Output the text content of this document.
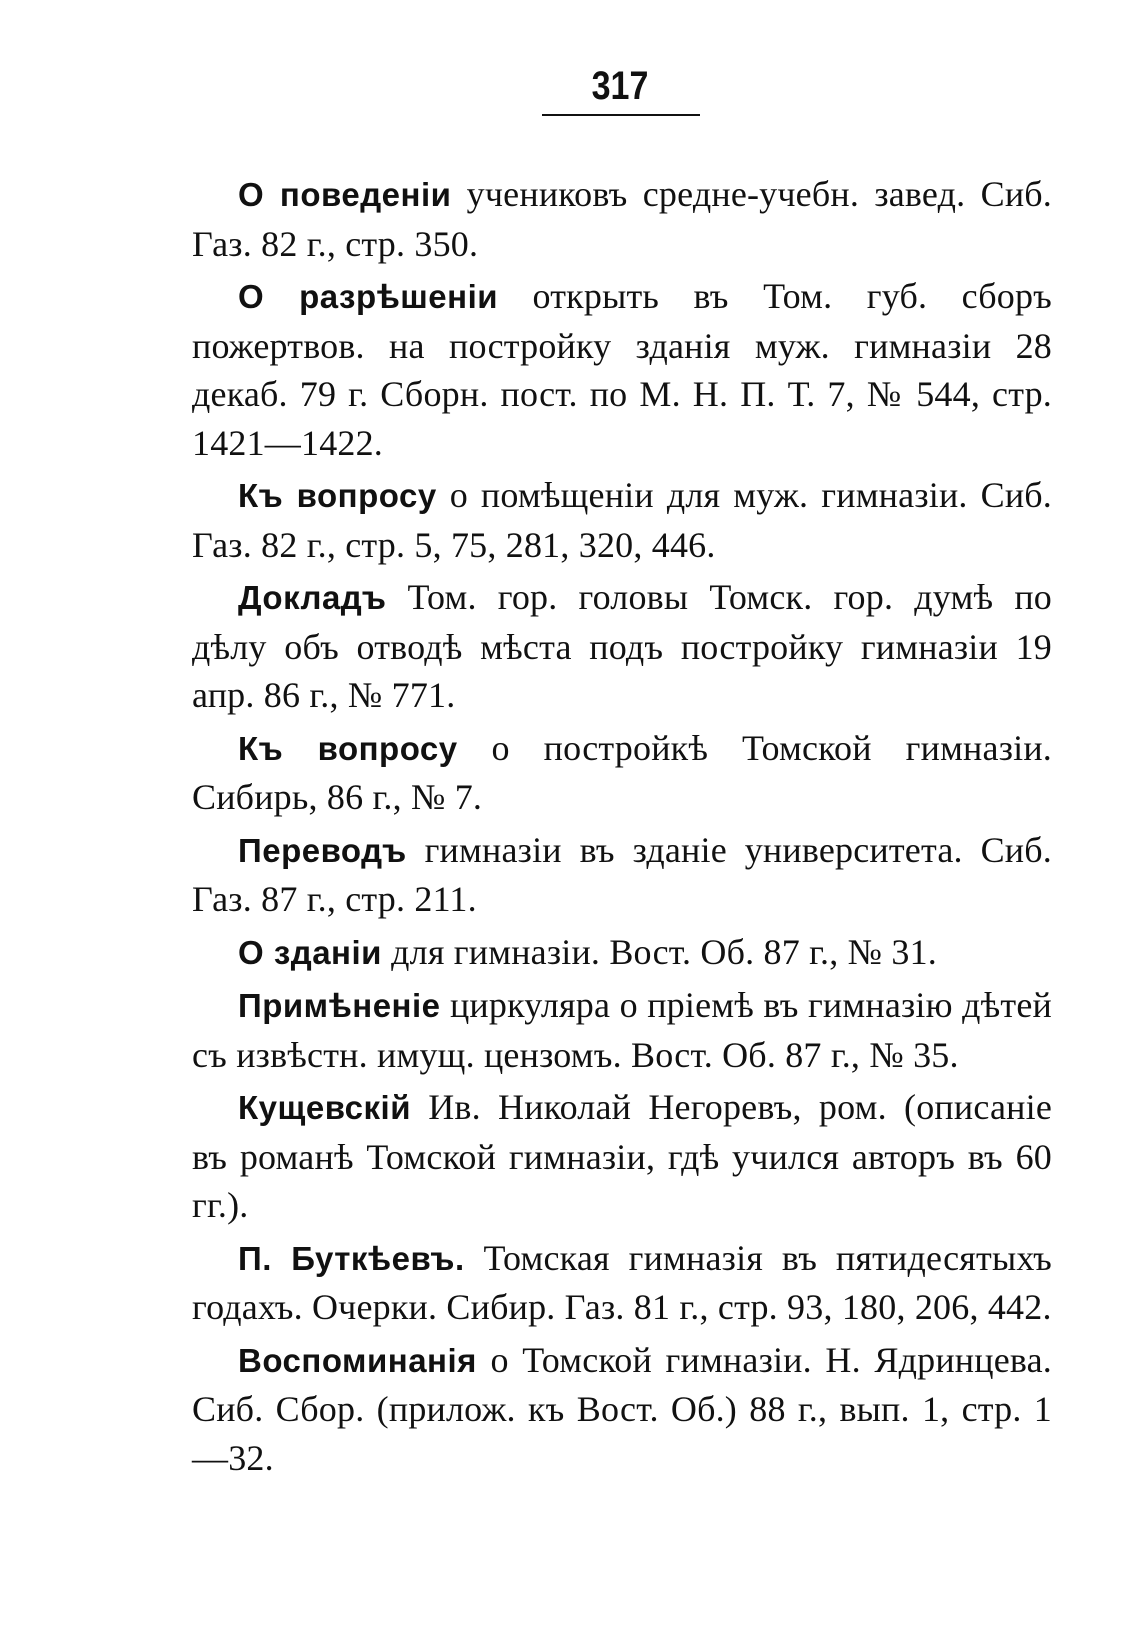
317

О поведенiи учениковъ средне-учебн. завед. Сиб. Газ. 82 г., стр. 350.

О разрѣшенiи открыть въ Том. губ. сборъ пожертвов. на постройку зданiя муж. гимназiи 28 декаб. 79 г. Сборн. пост. по М. Н. П. Т. 7, № 544, стр. 1421—1422.

Къ вопросу о помѣщенiи для муж. гимназiи. Сиб. Газ. 82 г., стр. 5, 75, 281, 320, 446.

Докладъ Том. гор. головы Томск. гор. думѣ по дѣлу объ отводѣ мѣста подъ постройку гимназiи 19 апр. 86 г., № 771.

Къ вопросу о постройкѣ Томской гимназiи. Сибирь, 86 г., № 7.

Переводъ гимназiи въ зданiе университета. Сиб. Газ. 87 г., стр. 211.

О зданiи для гимназiи. Вост. Об. 87 г., № 31.

Примѣненiе циркуляра о прiемѣ въ гимназiю дѣтей съ извѣстн. имущ. цензомъ. Вост. Об. 87 г., № 35.

Кущевскiй Ив. Николай Негоревъ, ром. (описанiе въ романѣ Томской гимназiи, гдѣ учился авторъ въ 60 гг.).

П. Буткѣевъ. Томская гимназiя въ пятидесятыхъ годахъ. Очерки. Сибир. Газ. 81 г., стр. 93, 180, 206, 442.

Воспоминанiя о Томской гимназiи. Н. Ядринцева. Сиб. Сбор. (прилож. къ Вост. Об.) 88 г., вып. 1, стр. 1—32.
